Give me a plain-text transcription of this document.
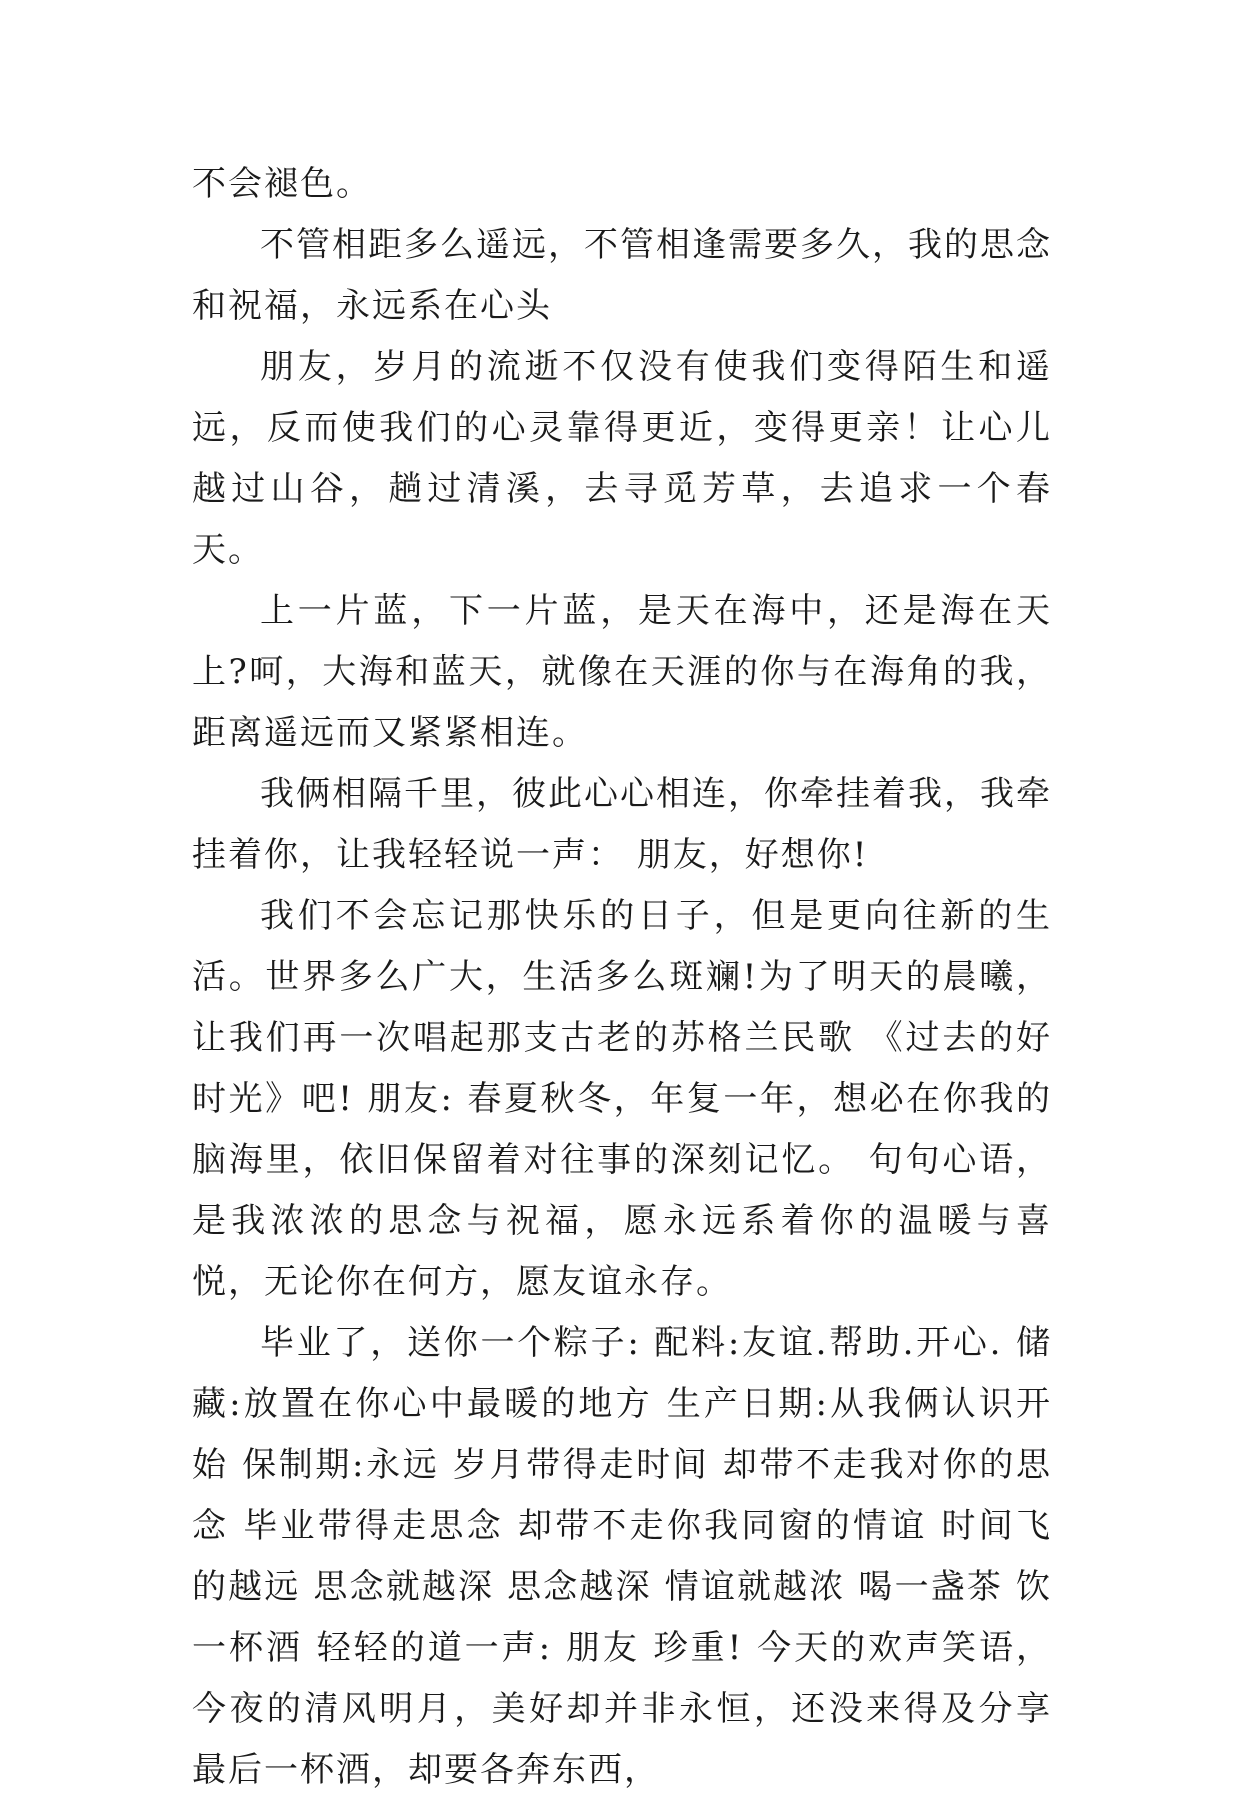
不会褪色。

不管相距多么遥远，不管相逢需要多久，我的思念和祝福，永远系在心头

朋友，岁月的流逝不仅没有使我们变得陌生和遥远，反而使我们的心灵靠得更近，变得更亲！让心儿越过山谷，趟过清溪，去寻觅芳草，去追求一个春天。

上一片蓝，下一片蓝，是天在海中，还是海在天上?呵，大海和蓝天，就像在天涯的你与在海角的我，距离遥远而又紧紧相连。

我俩相隔千里，彼此心心相连，你牵挂着我，我牵挂着你，让我轻轻说一声： 朋友，好想你!

我们不会忘记那快乐的日子，但是更向往新的生活。世界多么广大，生活多么斑斓!为了明天的晨曦，让我们再一次唱起那支古老的苏格兰民歌 《过去的好时光》吧! 朋友: 春夏秋冬，年复一年，想必在你我的脑海里，依旧保留着对往事的深刻记忆。 句句心语，是我浓浓的思念与祝福，愿永远系着你的温暖与喜悦，无论你在何方，愿友谊永存。

毕业了，送你一个粽子: 配料:友谊.帮助.开心. 储藏:放置在你心中最暖的地方 生产日期:从我俩认识开始 保制期:永远 岁月带得走时间 却带不走我对你的思念 毕业带得走思念 却带不走你我同窗的情谊 时间飞的越远 思念就越深 思念越深 情谊就越浓 喝一盏茶 饮一杯酒 轻轻的道一声: 朋友 珍重! 今天的欢声笑语，今夜的清风明月，美好却并非永恒，还没来得及分享最后一杯酒，却要各奔东西，
